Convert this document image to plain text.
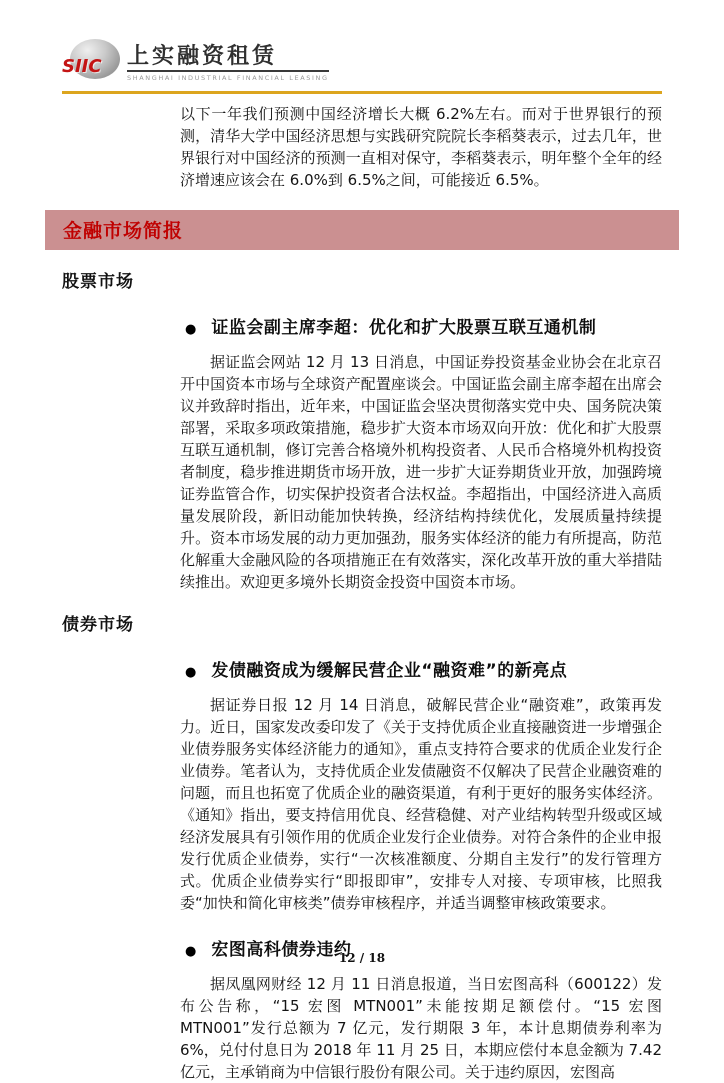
SIIC 上实融资租赁
SHANGHAI INDUSTRIAL FINANCIAL LEASING

以下一年我们预测中国经济增长大概 6.2%左右。而对于世界银行的预测，清华大学中国经济思想与实践研究院院长李稻葵表示，过去几年，世界银行对中国经济的预测一直相对保守，李稻葵表示，明年整个全年的经济增速应该会在 6.0%到 6.5%之间，可能接近 6.5%。

金融市场简报
股票市场
● 证监会副主席李超：优化和扩大股票互联互通机制

据证监会网站 12 月 13 日消息，中国证券投资基金业协会在北京召开中国资本市场与全球资产配置座谈会。中国证监会副主席李超在出席会议并致辞时指出，近年来，中国证监会坚决贯彻落实党中央、国务院决策部署，采取多项政策措施，稳步扩大资本市场双向开放：优化和扩大股票互联互通机制，修订完善合格境外机构投资者、人民币合格境外机构投资者制度，稳步推进期货市场开放，进一步扩大证券期货业开放，加强跨境证券监管合作，切实保护投资者合法权益。李超指出，中国经济进入高质量发展阶段，新旧动能加快转换，经济结构持续优化，发展质量持续提升。资本市场发展的动力更加强劲，服务实体经济的能力有所提高，防范化解重大金融风险的各项措施正在有效落实，深化改革开放的重大举措陆续推出。欢迎更多境外长期资金投资中国资本市场。

债券市场
● 发债融资成为缓解民营企业“融资难”的新亮点

据证券日报 12 月 14 日消息，破解民营企业“融资难”，政策再发力。近日，国家发改委印发了《关于支持优质企业直接融资进一步增强企业债券服务实体经济能力的通知》，重点支持符合要求的优质企业发行企业债券。笔者认为，支持优质企业发债融资不仅解决了民营企业融资难的问题，而且也拓宽了优质企业的融资渠道，有利于更好的服务实体经济。《通知》指出，要支持信用优良、经营稳健、对产业结构转型升级或区域经济发展具有引领作用的优质企业发行企业债券。对符合条件的企业申报发行优质企业债券，实行“一次核准额度、分期自主发行”的发行管理方式。优质企业债券实行“即报即审”，安排专人对接、专项审核，比照我委“加快和简化审核类”债券审核程序，并适当调整审核政策要求。

● 宏图高科债券违约

据凤凰网财经 12 月 11 日消息报道，当日宏图高科（600122）发布公告称，“15 宏图 MTN001”未能按期足额偿付。“15 宏图 MTN001”发行总额为 7 亿元，发行期限 3 年，本计息期债券利率为 6%，兑付付息日为 2018 年 11 月 25 日，本期应偿付本息金额为 7.42 亿元，主承销商为中信银行股份有限公司。关于违约原因，宏图高

12 / 18
